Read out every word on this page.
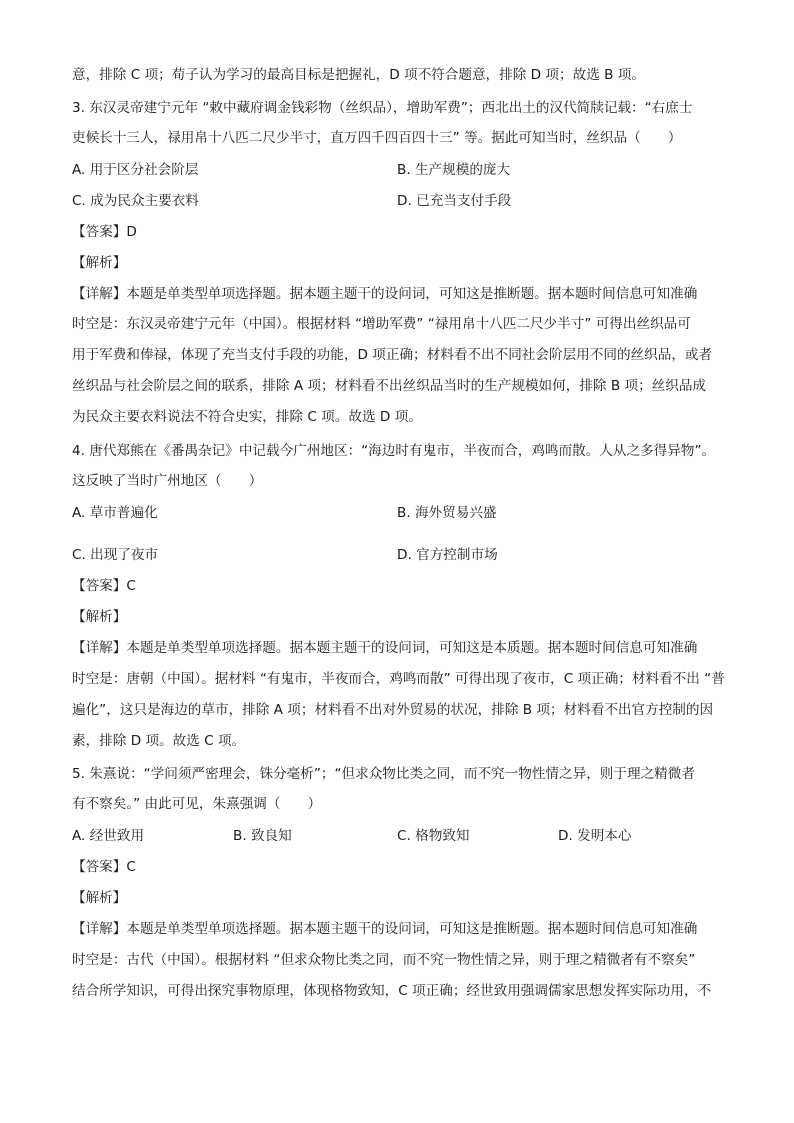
意，排除 C 项；荀子认为学习的最高目标是把握礼，D 项不符合题意，排除 D 项；故选 B 项。
3. 东汉灵帝建宁元年 “敕中藏府调金钱彩物（丝织品），增助军费”；西北出土的汉代简牍记载：“右庶士
吏候长十三人，禄用帛十八匹二尺少半寸，直万四千四百四十三” 等。据此可知当时，丝织品（　　）
A. 用于区分社会阶层	B. 生产规模的庞大
C. 成为民众主要衣料	D. 已充当支付手段
【答案】D
【解析】
【详解】本题是单类型单项选择题。据本题主题干的设问词，可知这是推断题。据本题时间信息可知准确
时空是：东汉灵帝建宁元年（中国）。根据材料 “增助军费” “禄用帛十八匹二尺少半寸” 可得出丝织品可
用于军费和俸禄，体现了充当支付手段的功能，D 项正确；材料看不出不同社会阶层用不同的丝织品，或者
丝织品与社会阶层之间的联系，排除 A 项；材料看不出丝织品当时的生产规模如何，排除 B 项；丝织品成
为民众主要衣料说法不符合史实，排除 C 项。故选 D 项。
4. 唐代郑熊在《番禺杂记》中记载今广州地区：“海边时有鬼市，半夜而合，鸡鸣而散。人从之多得异物”。
这反映了当时广州地区（　　）
A. 草市普遍化	B. 海外贸易兴盛
C. 出现了夜市	D. 官方控制市场
【答案】C
【解析】
【详解】本题是单类型单项选择题。据本题主题干的设问词，可知这是本质题。据本题时间信息可知准确
时空是：唐朝（中国）。据材料 “有鬼市，半夜而合，鸡鸣而散” 可得出现了夜市，C 项正确；材料看不出 “普
遍化”，这只是海边的草市，排除 A 项；材料看不出对外贸易的状况，排除 B 项；材料看不出官方控制的因
素，排除 D 项。故选 C 项。
5. 朱熹说：“学问须严密理会，铢分毫析”；“但求众物比类之同，而不究一物性情之异，则于理之精微者
有不察矣。” 由此可见，朱熹强调（　　）
A. 经世致用	B. 致良知	C. 格物致知	D. 发明本心
【答案】C
【解析】
【详解】本题是单类型单项选择题。据本题主题干的设问词，可知这是推断题。据本题时间信息可知准确
时空是：古代（中国）。根据材料 “但求众物比类之同，而不究一物性情之异，则于理之精微者有不察矣”
结合所学知识，可得出探究事物原理，体现格物致知，C 项正确；经世致用强调儒家思想发挥实际功用，不
